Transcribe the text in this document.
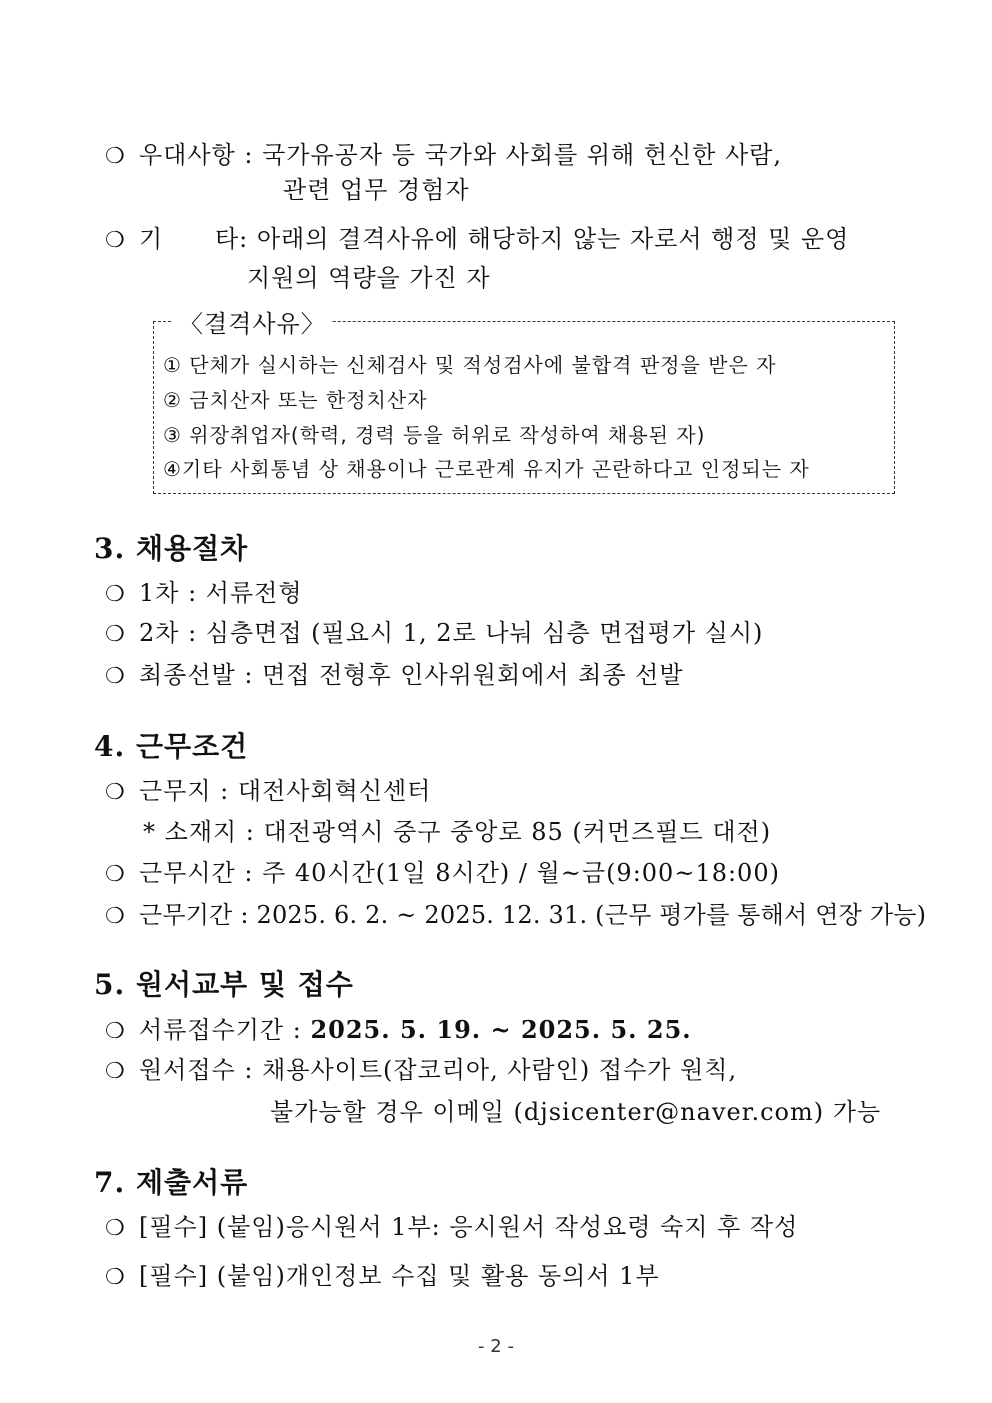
❍ 우대사항 : 국가유공자 등 국가와 사회를 위해 헌신한 사람,
관련 업무 경험자
❍ 기      타: 아래의 결격사유에 해당하지 않는 자로서 행정 및 운영
지원의 역량을 가진 자
〈결격사유〉
① 단체가 실시하는 신체검사 및 적성검사에 불합격 판정을 받은 자
② 금치산자 또는 한정치산자
③ 위장취업자(학력, 경력 등을 허위로 작성하여 채용된 자)
④기타 사회통념 상 채용이나 근로관계 유지가 곤란하다고 인정되는 자
3. 채용절차
❍ 1차 : 서류전형
❍ 2차 : 심층면접 (필요시 1, 2로 나눠 심층 면접평가 실시)
❍ 최종선발 : 면접 전형후 인사위원회에서 최종 선발
4. 근무조건
❍ 근무지 : 대전사회혁신센터
* 소재지 : 대전광역시 중구 중앙로 85 (커먼즈필드 대전)
❍ 근무시간 : 주 40시간(1일 8시간) / 월~금(9:00~18:00)
❍ 근무기간 : 2025. 6. 2. ~ 2025. 12. 31. (근무 평가를 통해서 연장 가능)
5. 원서교부 및 접수
❍ 서류접수기간 : 2025. 5. 19. ~ 2025. 5. 25.
❍ 원서접수 : 채용사이트(잡코리아, 사람인) 접수가 원칙,
불가능할 경우 이메일 (djsicenter@naver.com) 가능
7. 제출서류
❍ [필수] (붙임)응시원서 1부: 응시원서 작성요령 숙지 후 작성
❍ [필수] (붙임)개인정보 수집 및 활용 동의서 1부
- 2 -
